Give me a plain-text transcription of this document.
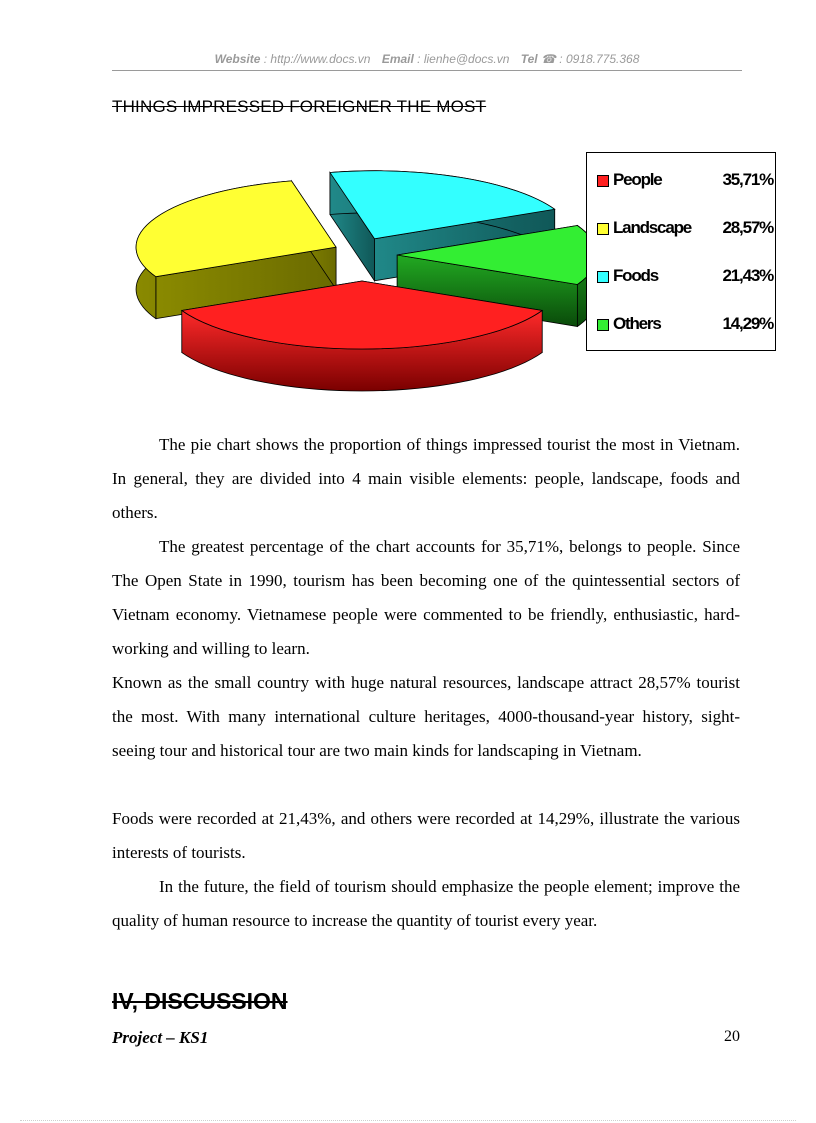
Website : http://www.docs.vn Email : lienhe@docs.vn Tel ☎ : 0918.775.368
THINGS IMPRESSED FOREIGNER THE MOST
People	35,71%
Landscape 28,57%
Foods	21,43%
Others	14,29%

The pie chart shows the proportion of things impressed tourist the most in Vietnam. In general, they are divided into 4 main visible elements: people, landscape, foods and others.

The greatest percentage of the chart accounts for 35,71%, belongs to people. Since The Open State in 1990, tourism has been becoming one of the quintessential sectors of Vietnam economy. Vietnamese people were commented to be friendly, enthusiastic, hard-working and willing to learn.

Known as the small country with huge natural resources, landscape attract 28,57% tourist the most. With many international culture heritages, 4000-thousand-year history, sight-seeing tour and historical tour are two main kinds for landscaping in Vietnam.

Foods were recorded at 21,43%, and others were recorded at 14,29%, illustrate the various interests of tourists.

In the future, the field of tourism should emphasize the people element; improve the quality of human resource to increase the quantity of tourist every year.

IV, DISCUSSION
Project – KS1	20
